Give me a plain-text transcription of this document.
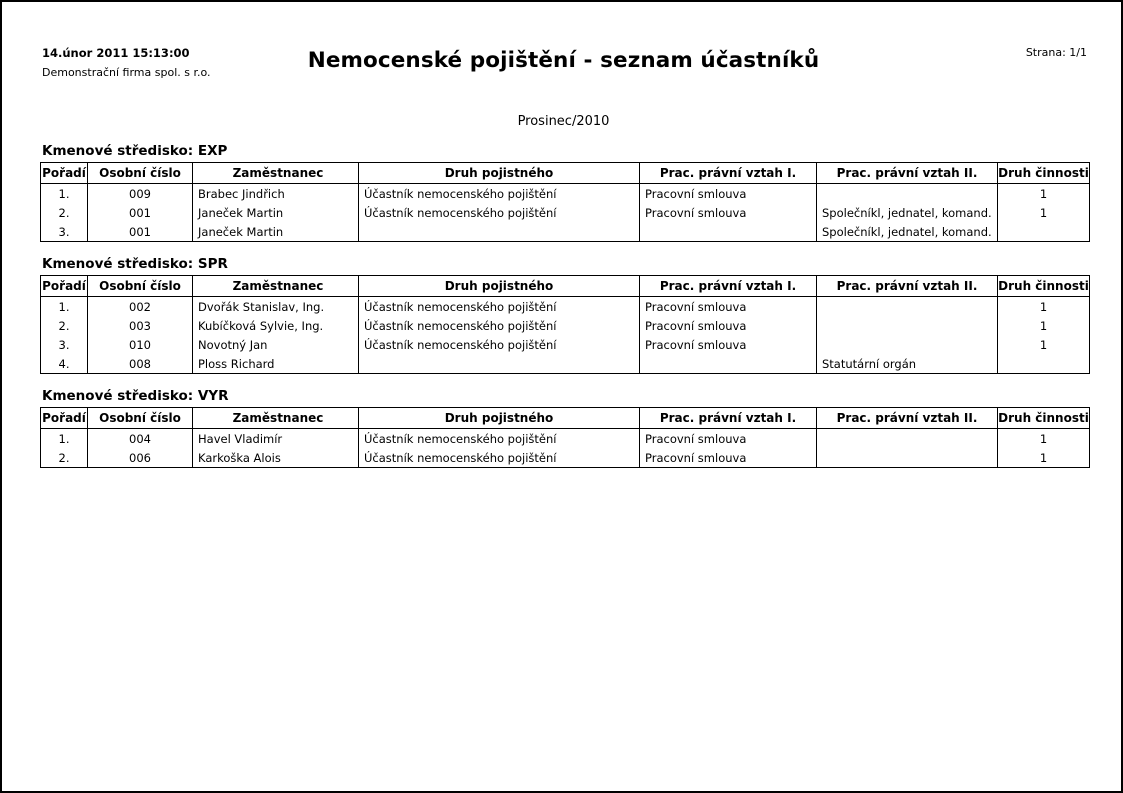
14.únor 2011 15:13:00
Demonstrační firma spol. s r.o.
Strana: 1/1
Nemocenské pojištění - seznam účastníků
Prosinec/2010
Kmenové středisko: EXP
Pořadí	Osobní číslo	Zaměstnanec	Druh pojistného	Prac. právní vztah I.	Prac. právní vztah II.	Druh činnosti
1.	009	Brabec Jindřich	Účastník nemocenského pojištění	Pracovní smlouva		1
2.	001	Janeček Martin	Účastník nemocenského pojištění	Pracovní smlouva	Společníkl, jednatel, komand.	1
3.	001	Janeček Martin			Společníkl, jednatel, komand.	
Kmenové středisko: SPR
Pořadí	Osobní číslo	Zaměstnanec	Druh pojistného	Prac. právní vztah I.	Prac. právní vztah II.	Druh činnosti
1.	002	Dvořák Stanislav, Ing.	Účastník nemocenského pojištění	Pracovní smlouva		1
2.	003	Kubíčková Sylvie, Ing.	Účastník nemocenského pojištění	Pracovní smlouva		1
3.	010	Novotný Jan	Účastník nemocenského pojištění	Pracovní smlouva		1
4.	008	Ploss Richard			Statutární orgán	
Kmenové středisko: VYR
Pořadí	Osobní číslo	Zaměstnanec	Druh pojistného	Prac. právní vztah I.	Prac. právní vztah II.	Druh činnosti
1.	004	Havel Vladimír	Účastník nemocenského pojištění	Pracovní smlouva		1
2.	006	Karkoška Alois	Účastník nemocenského pojištění	Pracovní smlouva		1
